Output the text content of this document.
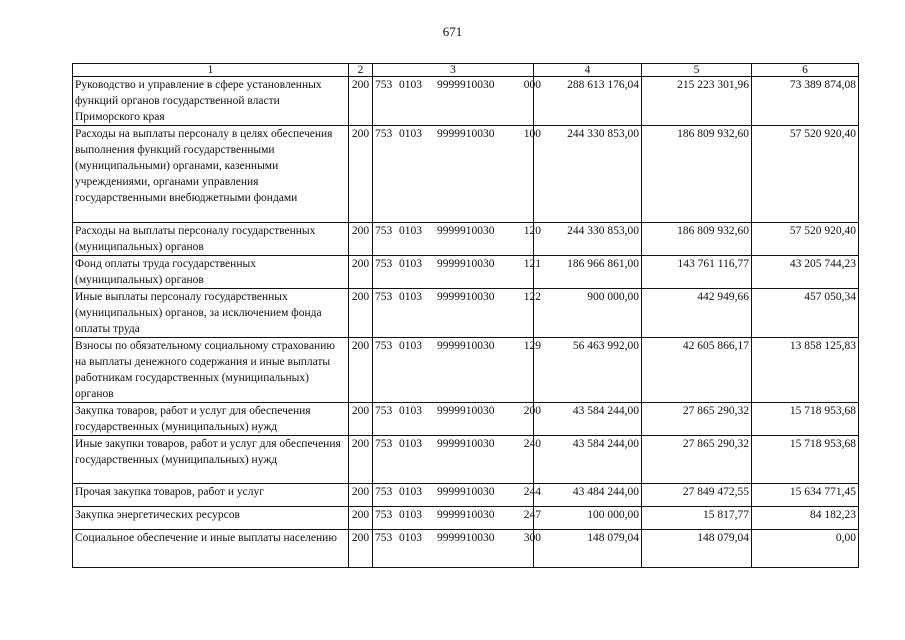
671
1	2	3	4	5	6
Руководство и управление в сфере установленных функций органов государственной власти Приморского края	200	753 0103 9999910030 000	288 613 176,04	215 223 301,96	73 389 874,08
Расходы на выплаты персоналу в целях обеспечения выполнения функций государственными (муниципальными) органами, казенными учреждениями, органами управления государственными внебюджетными фондами	200	753 0103 9999910030 100	244 330 853,00	186 809 932,60	57 520 920,40
Расходы на выплаты персоналу государственных (муниципальных) органов	200	753 0103 9999910030 120	244 330 853,00	186 809 932,60	57 520 920,40
Фонд оплаты труда государственных (муниципальных) органов	200	753 0103 9999910030 121	186 966 861,00	143 761 116,77	43 205 744,23
Иные выплаты персоналу государственных (муниципальных) органов, за исключением фонда оплаты труда	200	753 0103 9999910030 122	900 000,00	442 949,66	457 050,34
Взносы по обязательному социальному страхованию на выплаты денежного содержания и иные выплаты работникам государственных (муниципальных) органов	200	753 0103 9999910030 129	56 463 992,00	42 605 866,17	13 858 125,83
Закупка товаров, работ и услуг для обеспечения государственных (муниципальных) нужд	200	753 0103 9999910030 200	43 584 244,00	27 865 290,32	15 718 953,68
Иные закупки товаров, работ и услуг для обеспечения государственных (муниципальных) нужд	200	753 0103 9999910030 240	43 584 244,00	27 865 290,32	15 718 953,68
Прочая закупка товаров, работ и услуг	200	753 0103 9999910030 244	43 484 244,00	27 849 472,55	15 634 771,45
Закупка энергетических ресурсов	200	753 0103 9999910030 247	100 000,00	15 817,77	84 182,23
Социальное обеспечение и иные выплаты населению	200	753 0103 9999910030 300	148 079,04	148 079,04	0,00
